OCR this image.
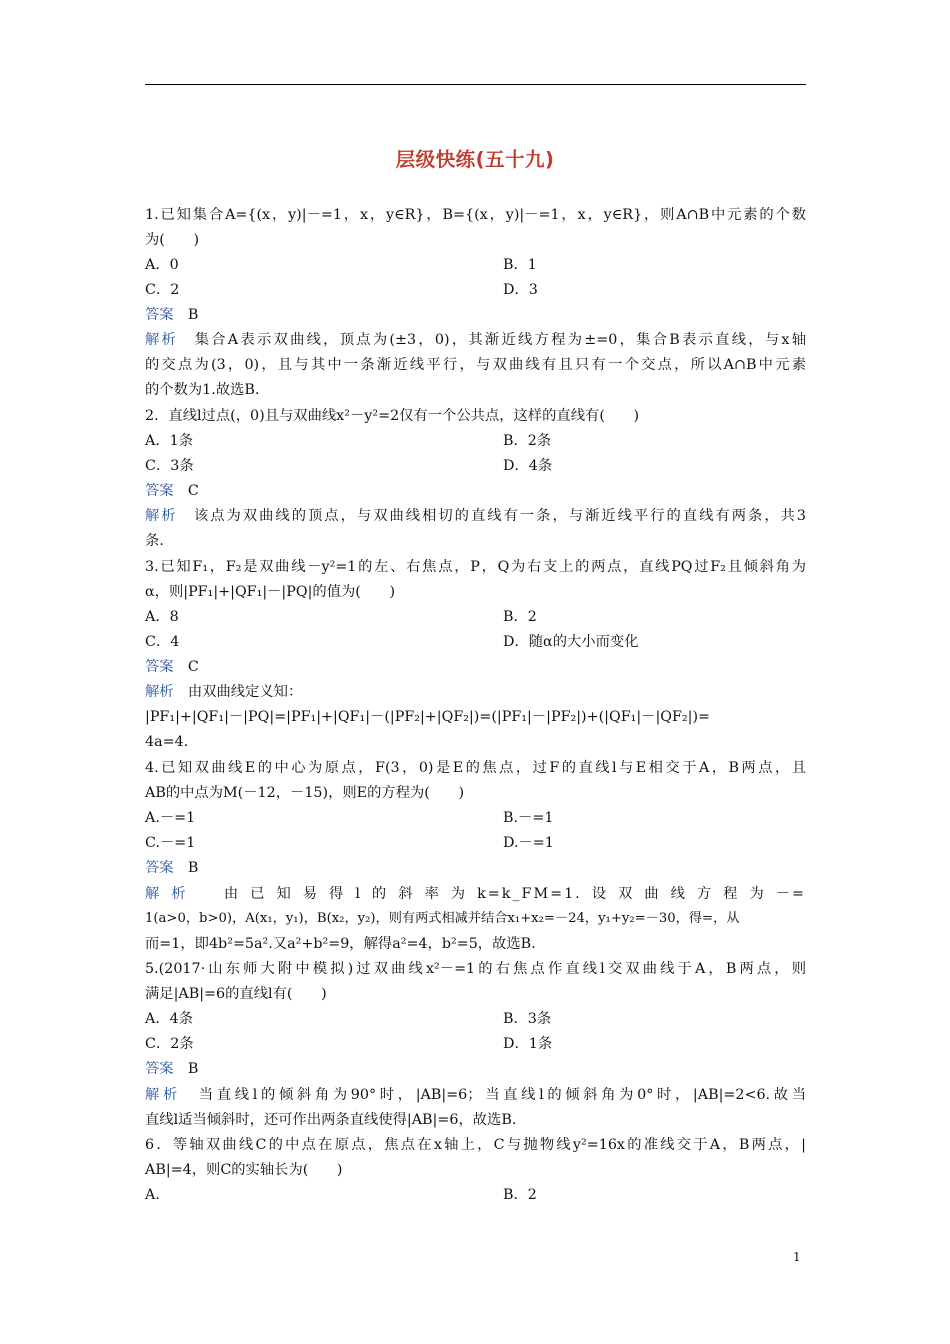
层级快练(五十九)
1.已知集合A={(x，y)|－=1，x，y∈R}，B={(x，y)|－=1，x，y∈R}，则A∩B中元素的个数
为(　　)
A．0	B．1
C．2	D．3
答案　 B
解析　 集合A表示双曲线，顶点为(±3，0)，其渐近线方程为±=0，集合B表示直线，与x轴
的交点为(3，0)，且与其中一条渐近线平行，与双曲线有且只有一个交点，所以A∩B中元素
的个数为1.故选B.
2．直线l过点(，0)且与双曲线x²－y²=2仅有一个公共点，这样的直线有(　　)
A．1条	B．2条
C．3条	D．4条
答案　 C
解析　 该点为双曲线的顶点，与双曲线相切的直线有一条，与渐近线平行的直线有两条，共3
条.
3.已知F₁，F₂是双曲线－y²=1的左、右焦点，P，Q为右支上的两点，直线PQ过F₂且倾斜角为
α，则|PF₁|+|QF₁|－|PQ|的值为(　　)
A．8	B．2
C．4	D．随α的大小而变化
答案　 C
解析　 由双曲线定义知：
|PF₁|+|QF₁|－|PQ|=|PF₁|+|QF₁|－(|PF₂|+|QF₂|)=(|PF₁|－|PF₂|)+(|QF₁|－|QF₂|)=
4a=4.
4.已知双曲线E的中心为原点，F(3，0)是E的焦点，过F的直线l与E相交于A，B两点，且
AB的中点为M(－12，－15)，则E的方程为(　　)
A.－=1	B.－=1
C.－=1	D.－=1
答案　 B
解析　 由已知易得l的斜率为k=k_FM=1.设双曲线方程为－=
1(a>0，b>0)，A(x₁，y₁)，B(x₂，y₂)，则有两式相减并结合x₁+x₂=－24，y₁+y₂=－30，得=，从
而=1，即4b²=5a².又a²+b²=9，解得a²=4，b²=5，故选B.
5.(2017·山东师大附中模拟)过双曲线x²－=1的右焦点作直线l交双曲线于A，B两点，则
满足|AB|=6的直线l有(　　)
A．4条	B．3条
C．2条	D．1条
答案　 B
解析　 当直线l的倾斜角为90°时，|AB|=6；当直线l的倾斜角为0°时，|AB|=2<6.故当
直线l适当倾斜时，还可作出两条直线使得|AB|=6，故选B.
6．等轴双曲线C的中点在原点，焦点在x轴上，C与抛物线y²=16x的准线交于A，B两点，|
AB|=4，则C的实轴长为(　　)
A.	B．2
1
